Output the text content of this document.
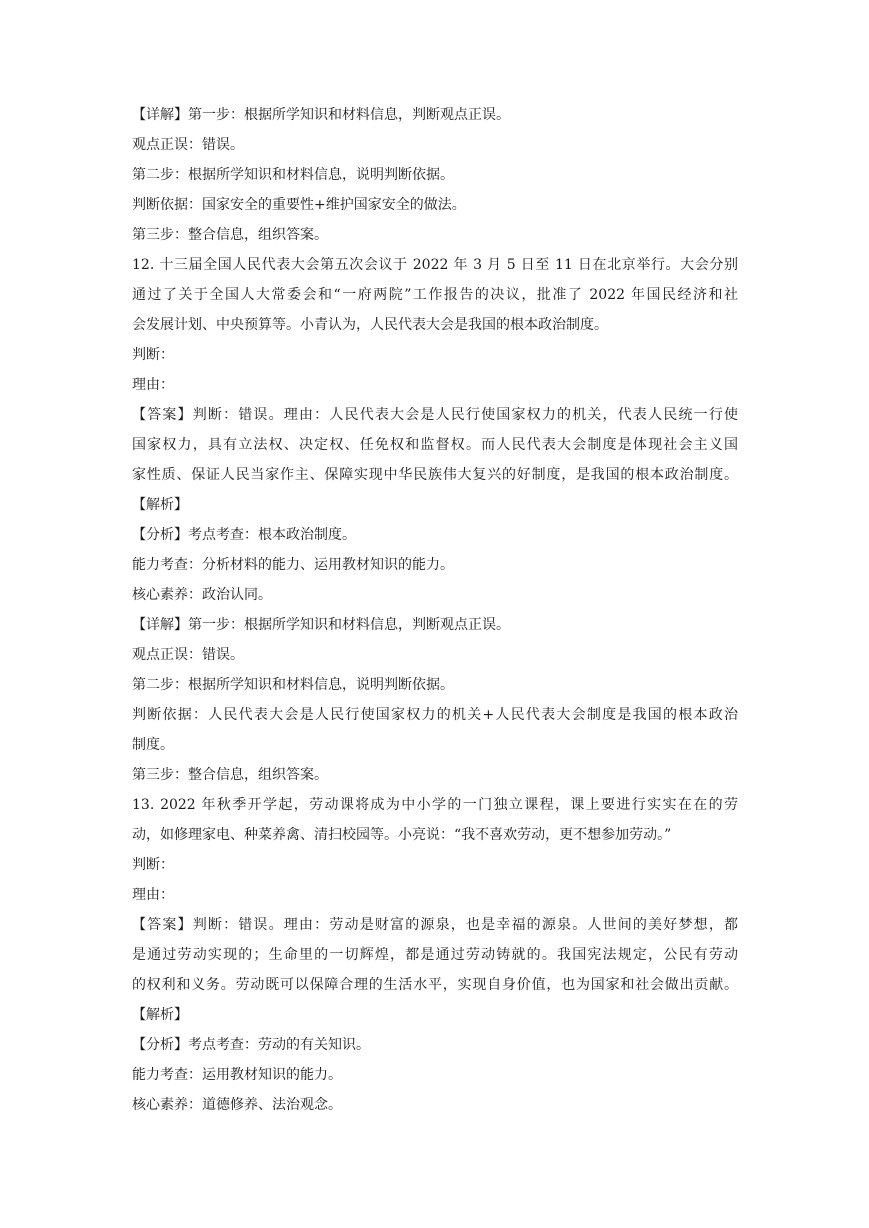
【详解】第一步：根据所学知识和材料信息，判断观点正误。
观点正误：错误。
第二步：根据所学知识和材料信息，说明判断依据。
判断依据：国家安全的重要性+维护国家安全的做法。
第三步：整合信息，组织答案。
12. 十三届全国人民代表大会第五次会议于 2022 年 3 月 5 日至 11 日在北京举行。大会分别
通过了关于全国人大常委会和“一府两院”工作报告的决议，批准了 2022 年国民经济和社
会发展计划、中央预算等。小青认为，人民代表大会是我国的根本政治制度。
判断：
理由：
【答案】判断：错误。理由：人民代表大会是人民行使国家权力的机关，代表人民统一行使
国家权力，具有立法权、决定权、任免权和监督权。而人民代表大会制度是体现社会主义国
家性质、保证人民当家作主、保障实现中华民族伟大复兴的好制度，是我国的根本政治制度。
【解析】
【分析】考点考查：根本政治制度。
能力考查：分析材料的能力、运用教材知识的能力。
核心素养：政治认同。
【详解】第一步：根据所学知识和材料信息，判断观点正误。
观点正误：错误。
第二步：根据所学知识和材料信息，说明判断依据。
判断依据：人民代表大会是人民行使国家权力的机关+人民代表大会制度是我国的根本政治
制度。
第三步：整合信息，组织答案。
13. 2022 年秋季开学起，劳动课将成为中小学的一门独立课程，课上要进行实实在在的劳
动，如修理家电、种菜养禽、清扫校园等。小亮说：“我不喜欢劳动，更不想参加劳动。”
判断：
理由：
【答案】判断：错误。理由：劳动是财富的源泉，也是幸福的源泉。人世间的美好梦想，都
是通过劳动实现的；生命里的一切辉煌，都是通过劳动铸就的。我国宪法规定，公民有劳动
的权利和义务。劳动既可以保障合理的生活水平，实现自身价值，也为国家和社会做出贡献。
【解析】
【分析】考点考查：劳动的有关知识。
能力考查：运用教材知识的能力。
核心素养：道德修养、法治观念。
